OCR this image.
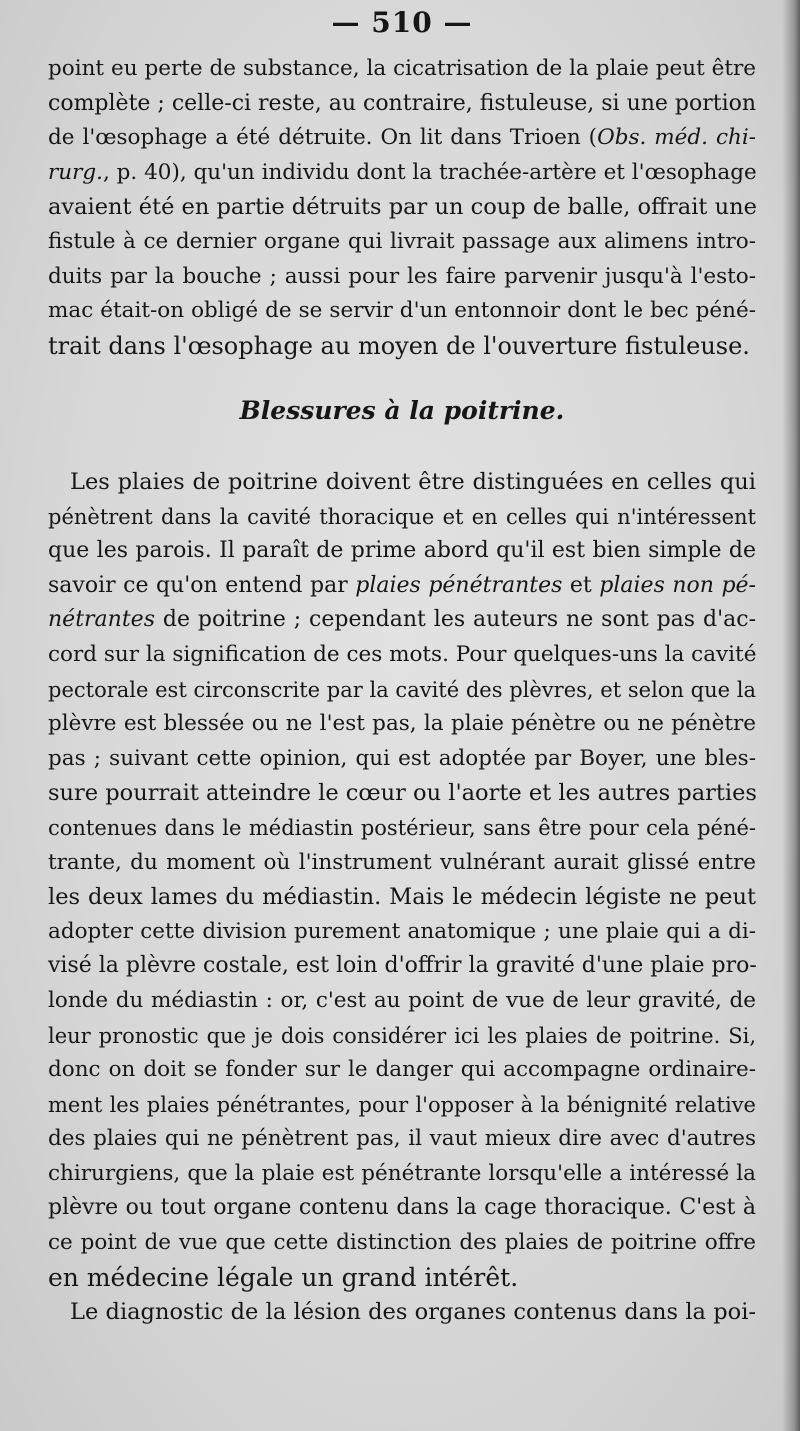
— 510 —
point eu perte de substance, la cicatrisation de la plaie peut être
complète ; celle-ci reste, au contraire, fistuleuse, si une portion
de l'œsophage a été détruite. On lit dans Trioen (Obs. méd. chi-
rurg., p. 40), qu'un individu dont la trachée-artère et l'œsophage
avaient été en partie détruits par un coup de balle, offrait une
fistule à ce dernier organe qui livrait passage aux alimens intro-
duits par la bouche ; aussi pour les faire parvenir jusqu'à l'esto-
mac était-on obligé de se servir d'un entonnoir dont le bec péné-
trait dans l'œsophage au moyen de l'ouverture fistuleuse.
Blessures à la poitrine.
Les plaies de poitrine doivent être distinguées en celles qui
pénètrent dans la cavité thoracique et en celles qui n'intéressent
que les parois. Il paraît de prime abord qu'il est bien simple de
savoir ce qu'on entend par plaies pénétrantes et plaies non pé-
nétrantes de poitrine ; cependant les auteurs ne sont pas d'ac-
cord sur la signification de ces mots. Pour quelques-uns la cavité
pectorale est circonscrite par la cavité des plèvres, et selon que la
plèvre est blessée ou ne l'est pas, la plaie pénètre ou ne pénètre
pas ; suivant cette opinion, qui est adoptée par Boyer, une bles-
sure pourrait atteindre le cœur ou l'aorte et les autres parties
contenues dans le médiastin postérieur, sans être pour cela péné-
trante, du moment où l'instrument vulnérant aurait glissé entre
les deux lames du médiastin. Mais le médecin légiste ne peut
adopter cette division purement anatomique ; une plaie qui a di-
visé la plèvre costale, est loin d'offrir la gravité d'une plaie pro-
londe du médiastin : or, c'est au point de vue de leur gravité, de
leur pronostic que je dois considérer ici les plaies de poitrine. Si,
donc on doit se fonder sur le danger qui accompagne ordinaire-
ment les plaies pénétrantes, pour l'opposer à la bénignité relative
des plaies qui ne pénètrent pas, il vaut mieux dire avec d'autres
chirurgiens, que la plaie est pénétrante lorsqu'elle a intéressé la
plèvre ou tout organe contenu dans la cage thoracique. C'est à
ce point de vue que cette distinction des plaies de poitrine offre
en médecine légale un grand intérêt.
Le diagnostic de la lésion des organes contenus dans la poi-
